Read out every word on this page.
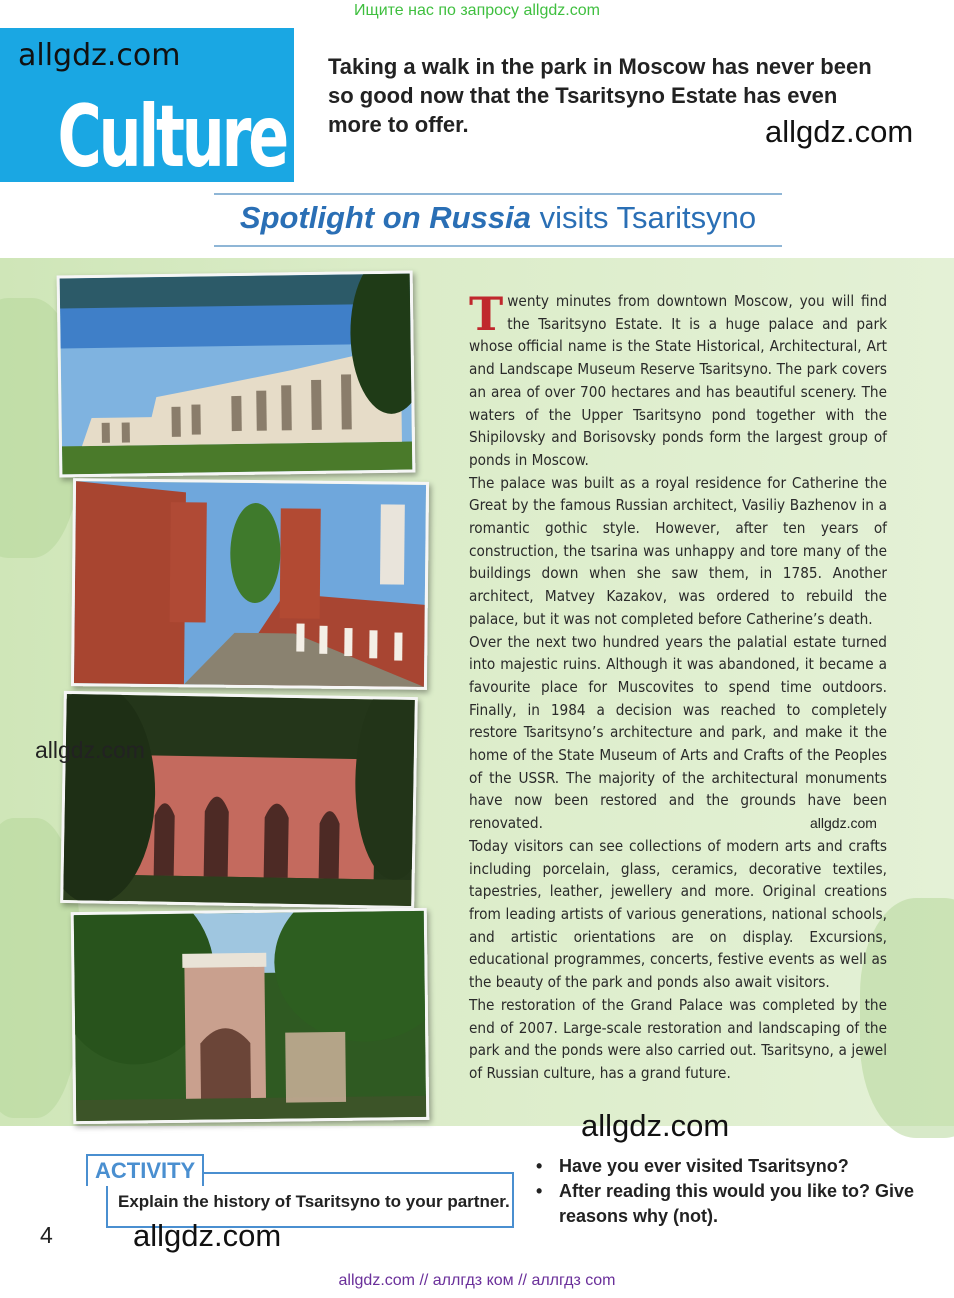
Ищите нас по запросу allgdz.com
allgdz.com
Culture
Taking a walk in the park in Moscow has never been so good now that the Tsaritsyno Estate has even more to offer.	allgdz.com
Spotlight on Russia visits Tsaritsyno
allgdz.com

Twenty minutes from downtown Moscow, you will find the Tsaritsyno Estate. It is a huge palace and park whose official name is the State Historical, Architectural, Art and Landscape Museum Reserve Tsaritsyno. The park covers an area of over 700 hectares and has beautiful scenery. The waters of the Upper Tsaritsyno pond together with the Shipilovsky and Borisovsky ponds form the largest group of ponds in Moscow.

The palace was built as a royal residence for Catherine the Great by the famous Russian architect, Vasiliy Bazhenov in a romantic gothic style. However, after ten years of construction, the tsarina was unhappy and tore many of the buildings down when she saw them, in 1785. Another architect, Matvey Kazakov, was ordered to rebuild the palace, but it was not completed before Catherine’s death.

Over the next two hundred years the palatial estate turned into majestic ruins. Although it was abandoned, it became a favourite place for Muscovites to spend time outdoors. Finally, in 1984 a decision was reached to completely restore Tsaritsyno’s architecture and park, and make it the home of the State Museum of Arts and Crafts of the Peoples of the USSR. The majority of the architectural monuments have now been restored and the grounds have been renovated.

Today visitors can see collections of modern arts and crafts including porcelain, glass, ceramics, decorative textiles, tapestries, leather, jewellery and more. Original creations from leading artists of various generations, national schools, and artistic orientations are on display. Excursions, educational programmes, concerts, festive events as well as the beauty of the park and ponds also await visitors.

The restoration of the Grand Palace was completed by the end of 2007. Large-scale restoration and landscaping of the park and the ponds were also carried out. Tsaritsyno, a jewel of Russian culture, has a grand future.

allgdz.com
allgdz.com
Explain the history of Tsaritsyno to your partner.
ACTIVITY
•	Have you ever visited Tsaritsyno?
• After reading this would you like to? Give reasons why (not).
4	allgdz.com
allgdz.com // аллгдз ком // аллгдз com
